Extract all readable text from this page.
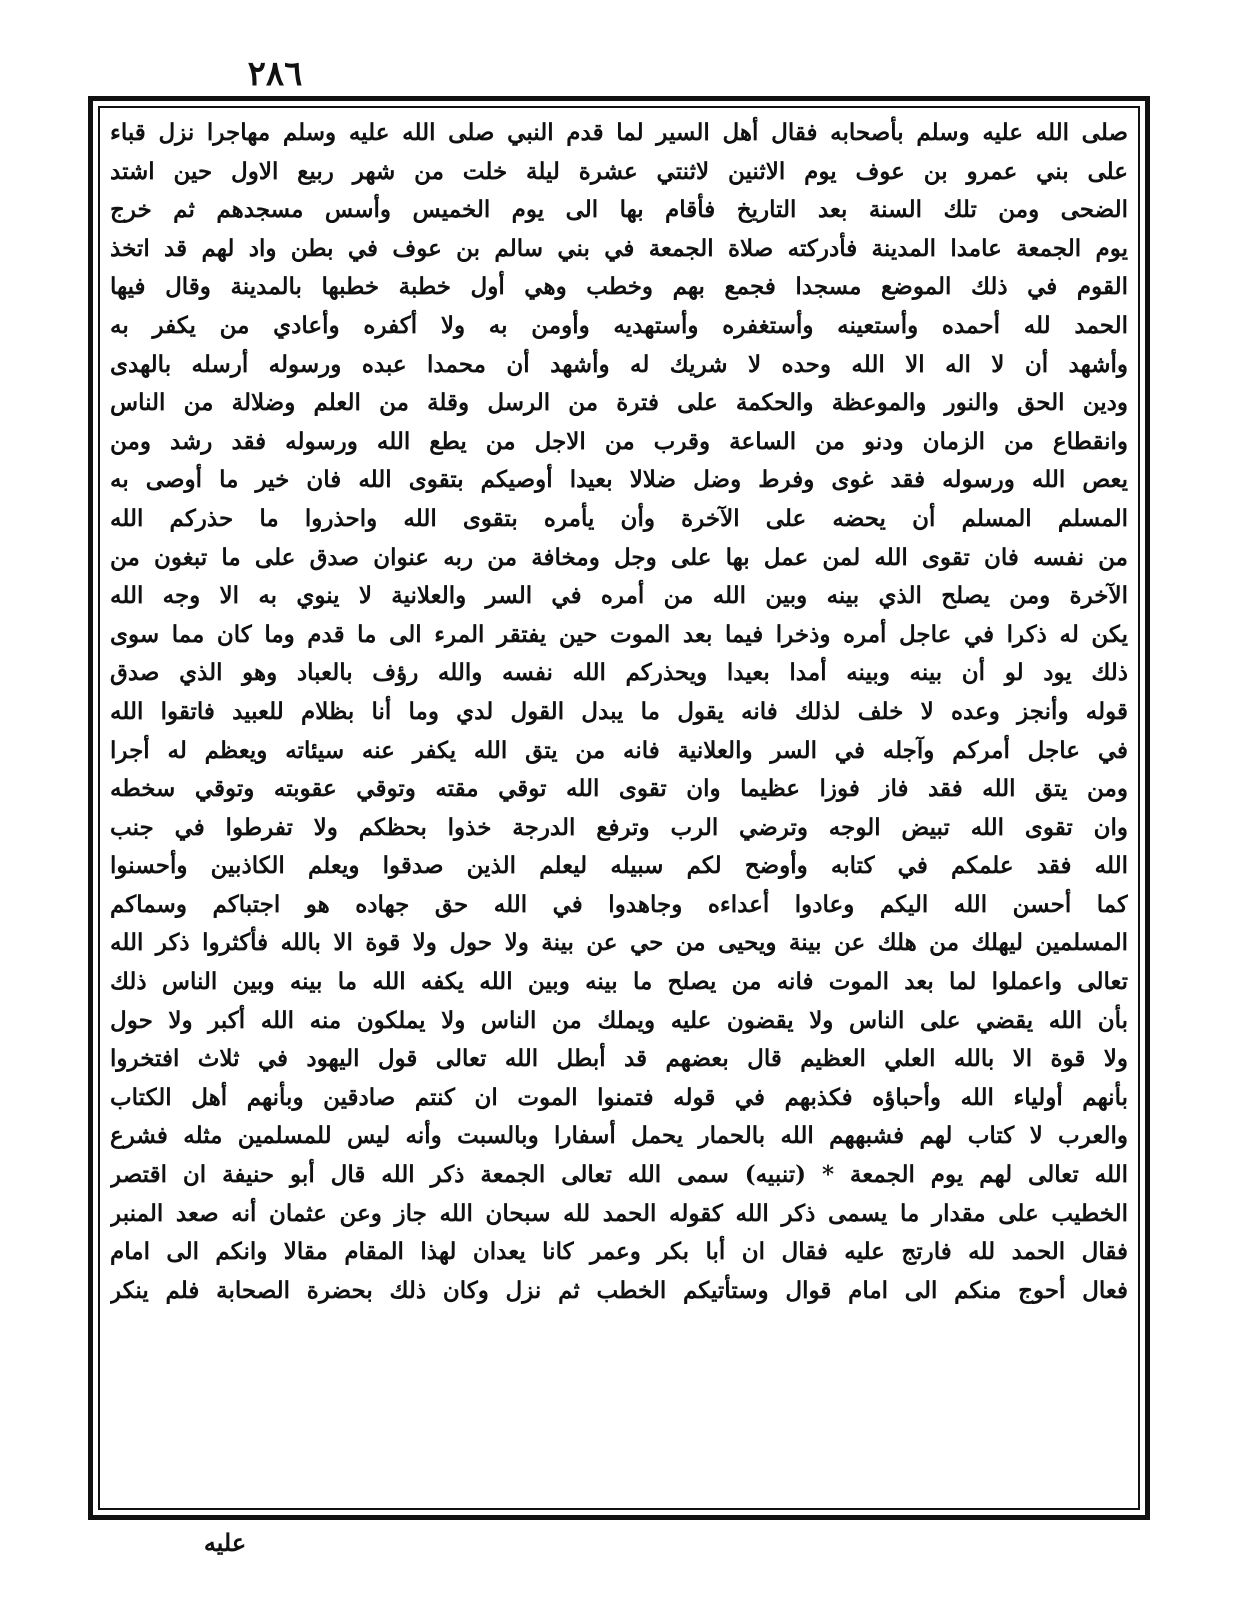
٢٨٦
صلى الله عليه وسلم بأصحابه فقال أهل السير لما قدم النبي صلى الله عليه وسلم مهاجرا نزل قباء
على بني عمرو بن عوف يوم الاثنين لاثنتي عشرة ليلة خلت من شهر ربيع الاول حين اشتد
الضحى ومن تلك السنة بعد التاريخ فأقام بها الى يوم الخميس وأسس مسجدهم ثم خرج
يوم الجمعة عامدا المدينة فأدركته صلاة الجمعة في بني سالم بن عوف في بطن واد لهم قد اتخذ
القوم في ذلك الموضع مسجدا فجمع بهم وخطب وهي أول خطبة خطبها بالمدينة وقال فيها
الحمد لله أحمده وأستعينه وأستغفره وأستهديه وأومن به ولا أكفره وأعادي من يكفر به
وأشهد أن لا اله الا الله وحده لا شريك له وأشهد أن محمدا عبده ورسوله أرسله بالهدى
ودين الحق والنور والموعظة والحكمة على فترة من الرسل وقلة من العلم وضلالة من الناس
وانقطاع من الزمان ودنو من الساعة وقرب من الاجل من يطع الله ورسوله فقد رشد ومن
يعص الله ورسوله فقد غوى وفرط وضل ضلالا بعيدا أوصيكم بتقوى الله فان خير ما أوصى به
المسلم المسلم أن يحضه على الآخرة وأن يأمره بتقوى الله واحذروا ما حذركم الله
من نفسه فان تقوى الله لمن عمل بها على وجل ومخافة من ربه عنوان صدق على ما تبغون من
الآخرة ومن يصلح الذي بينه وبين الله من أمره في السر والعلانية لا ينوي به الا وجه الله
يكن له ذكرا في عاجل أمره وذخرا فيما بعد الموت حين يفتقر المرء الى ما قدم وما كان مما سوى
ذلك يود لو أن بينه وبينه أمدا بعيدا ويحذركم الله نفسه والله رؤف بالعباد وهو الذي صدق
قوله وأنجز وعده لا خلف لذلك فانه يقول ما يبدل القول لدي وما أنا بظلام للعبيد فاتقوا الله
في عاجل أمركم وآجله في السر والعلانية فانه من يتق الله يكفر عنه سيئاته ويعظم له أجرا
ومن يتق الله فقد فاز فوزا عظيما وان تقوى الله توقي مقته وتوقي عقوبته وتوقي سخطه
وان تقوى الله تبيض الوجه وترضي الرب وترفع الدرجة خذوا بحظكم ولا تفرطوا في جنب
الله فقد علمكم في كتابه وأوضح لكم سبيله ليعلم الذين صدقوا ويعلم الكاذبين وأحسنوا
كما أحسن الله اليكم وعادوا أعداءه وجاهدوا في الله حق جهاده هو اجتباكم وسماكم
المسلمين ليهلك من هلك عن بينة ويحيى من حي عن بينة ولا حول ولا قوة الا بالله فأكثروا ذكر الله
تعالى واعملوا لما بعد الموت فانه من يصلح ما بينه وبين الله يكفه الله ما بينه وبين الناس ذلك
بأن الله يقضي على الناس ولا يقضون عليه ويملك من الناس ولا يملكون منه الله أكبر ولا حول
ولا قوة الا بالله العلي العظيم قال بعضهم قد أبطل الله تعالى قول اليهود في ثلاث افتخروا
بأنهم أولياء الله وأحباؤه فكذبهم في قوله فتمنوا الموت ان كنتم صادقين وبأنهم أهل الكتاب
والعرب لا كتاب لهم فشبههم الله بالحمار يحمل أسفارا وبالسبت وأنه ليس للمسلمين مثله فشرع
الله تعالى لهم يوم الجمعة * (تنبيه) سمى الله تعالى الجمعة ذكر الله قال أبو حنيفة ان اقتصر
الخطيب على مقدار ما يسمى ذكر الله كقوله الحمد لله سبحان الله جاز وعن عثمان أنه صعد المنبر
فقال الحمد لله فارتج عليه فقال ان أبا بكر وعمر كانا يعدان لهذا المقام مقالا وانكم الى امام
فعال أحوج منكم الى امام قوال وستأتيكم الخطب ثم نزل وكان ذلك بحضرة الصحابة فلم ينكر
عليه
